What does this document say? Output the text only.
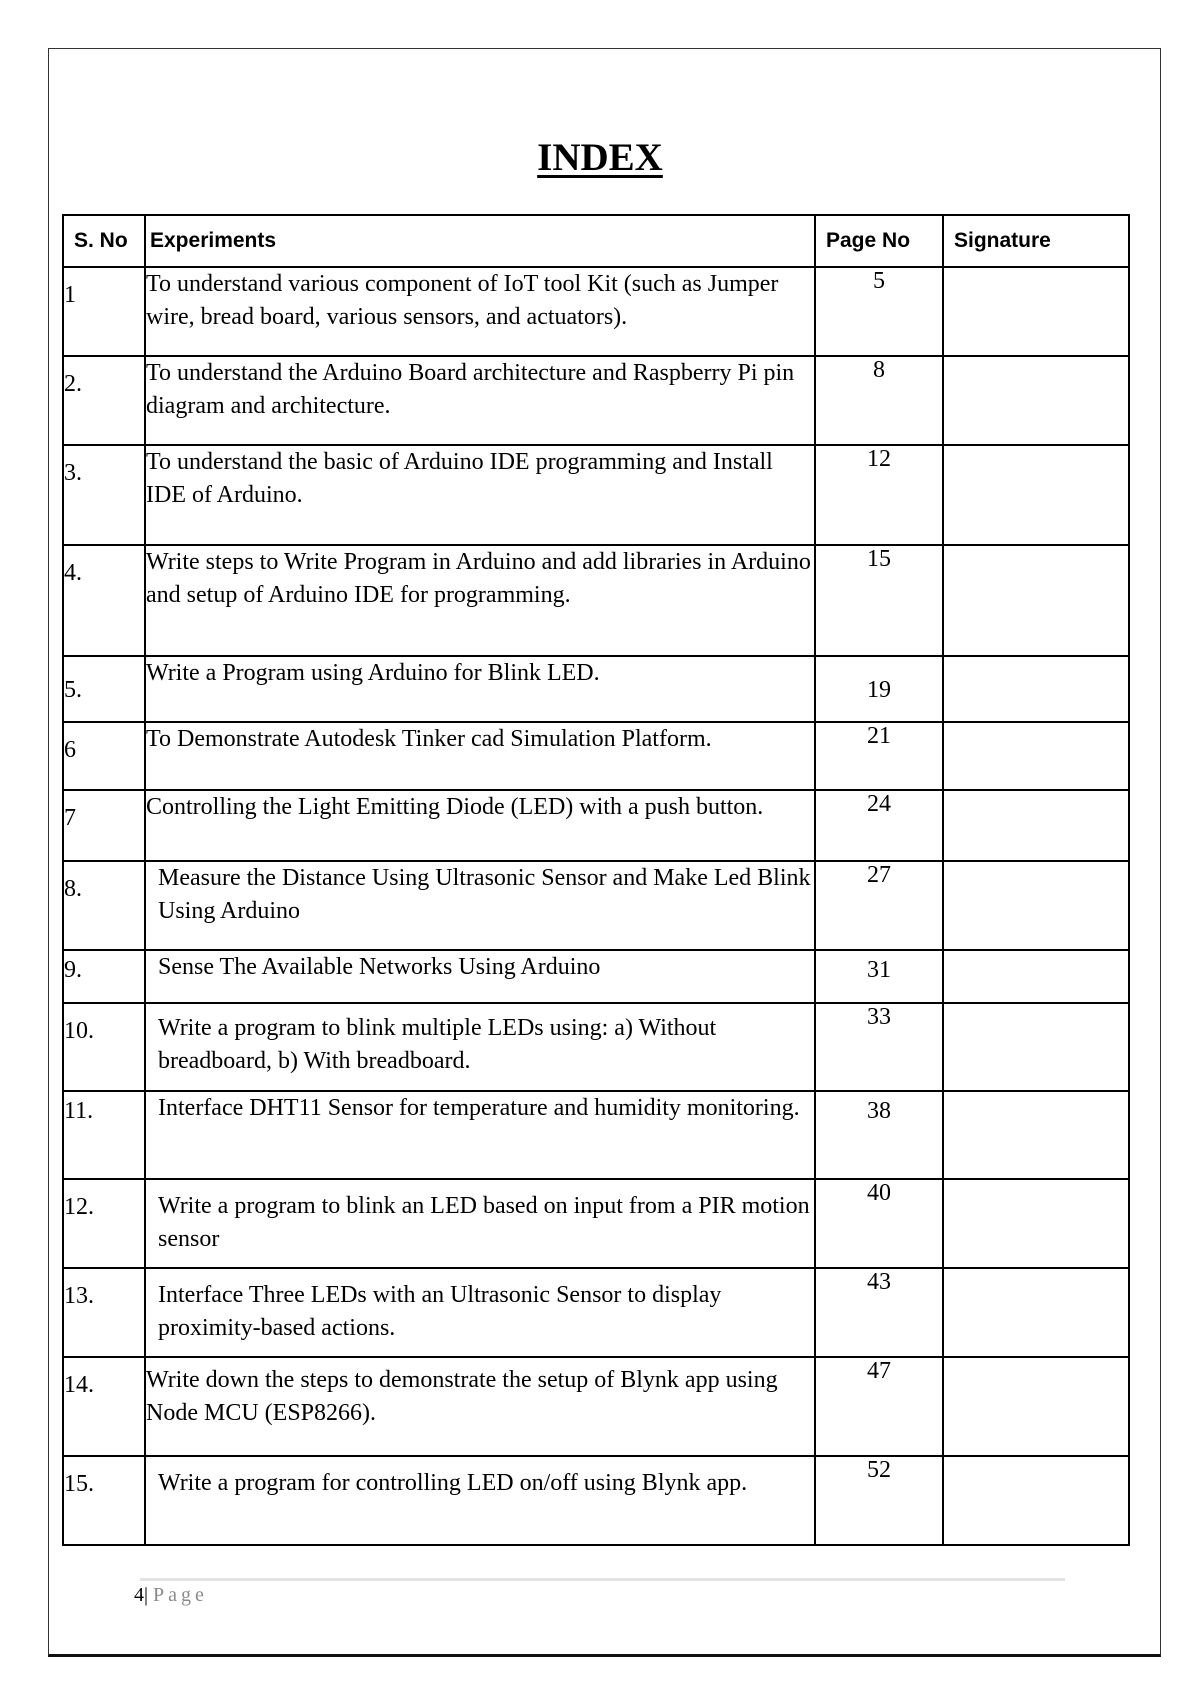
INDEX
S. No	Experiments	Page No	Signature
1	To understand various component of IoT tool Kit (such as Jumper wire, bread board, various sensors, and actuators).	5	
2.	To understand the Arduino Board architecture and Raspberry Pi pin diagram and architecture.	8	
3.	To understand the basic of Arduino IDE programming and Install IDE of Arduino.	12	
4.	Write steps to Write Program in Arduino and add libraries in Arduino and setup of Arduino IDE for programming.	15	
5.	Write a Program using Arduino for Blink LED.	19	
6	To Demonstrate Autodesk Tinker cad Simulation Platform.	21	
7	Controlling the Light Emitting Diode (LED) with a push button.	24	
8.	Measure the Distance Using Ultrasonic Sensor and Make Led Blink Using Arduino	27	
9.	Sense The Available Networks Using Arduino	31	
10.	Write a program to blink multiple LEDs using: a) Without breadboard, b) With breadboard.	33	
11.	Interface DHT11 Sensor for temperature and humidity monitoring.	38	
12.	Write a program to blink an LED based on input from a PIR motion sensor	40	
13.	Interface Three LEDs with an Ultrasonic Sensor to display proximity-based actions.	43	
14.	Write down the steps to demonstrate the setup of Blynk app using Node MCU (ESP8266).	47	
15.	Write a program for controlling LED on/off using Blynk app.	52	
4| Page
